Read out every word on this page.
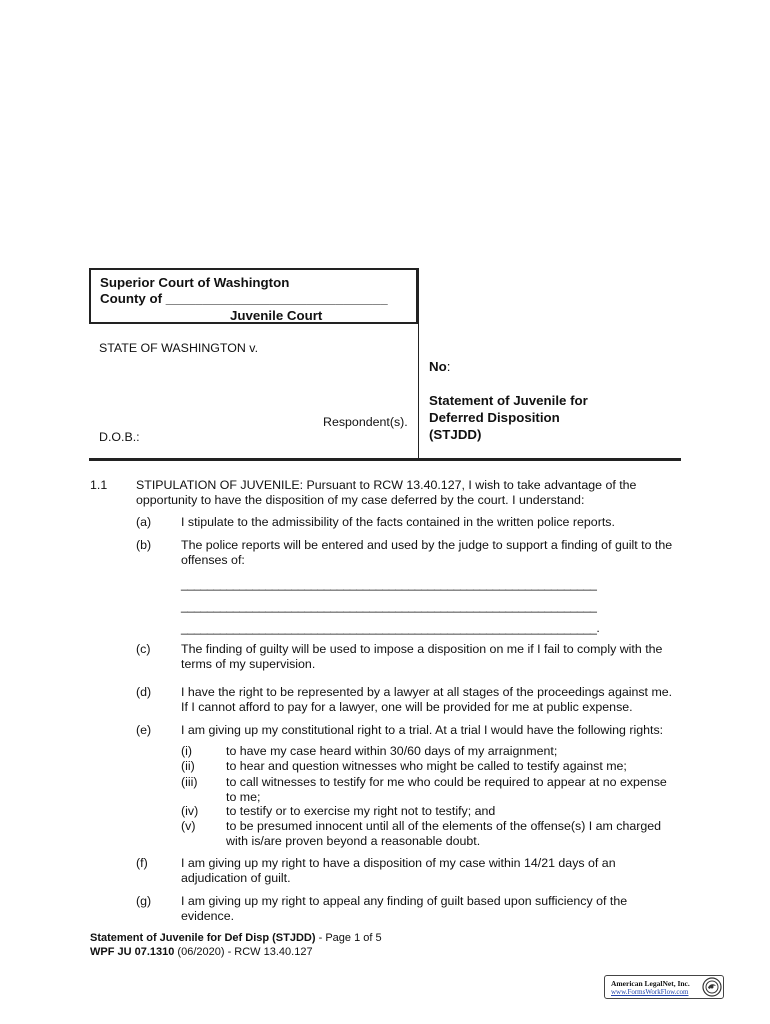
Superior Court of Washington
County of ______________________________
Juvenile Court
STATE OF WASHINGTON v.
Respondent(s).
D.O.B.:
No:
Statement of Juvenile for
Deferred Disposition
(STJDD)
1.1 STIPULATION OF JUVENILE: Pursuant to RCW 13.40.127, I wish to take advantage of the
opportunity to have the disposition of my case deferred by the court. I understand:
(a) I stipulate to the admissibility of the facts contained in the written police reports.
(b) The police reports will be entered and used by the judge to support a finding of guilt to the
offenses of:
________________________________________________________________
________________________________________________________________
________________________________________________________________.
(c) The finding of guilty will be used to impose a disposition on me if I fail to comply with the
terms of my supervision.
(d) I have the right to be represented by a lawyer at all stages of the proceedings against me.
If I cannot afford to pay for a lawyer, one will be provided for me at public expense.
(e) I am giving up my constitutional right to a trial. At a trial I would have the following rights:
(i)	to have my case heard within 30/60 days of my arraignment;
(ii)	to hear and question witnesses who might be called to testify against me;
(iii) to call witnesses to testify for me who could be required to appear at no expense
to me;
(iv) to testify or to exercise my right not to testify; and
(v) to be presumed innocent until all of the elements of the offense(s) I am charged
with is/are proven beyond a reasonable doubt.
(f)	I am giving up my right to have a disposition of my case within 14/21 days of an
adjudication of guilt.
(g) I am giving up my right to appeal any finding of guilt based upon sufficiency of the
evidence.
Statement of Juvenile for Def Disp (STJDD) - Page 1 of 5
WPF JU 07.1310 (06/2020) - RCW 13.40.127
American LegalNet, Inc.
www.FormsWorkFlow.com
